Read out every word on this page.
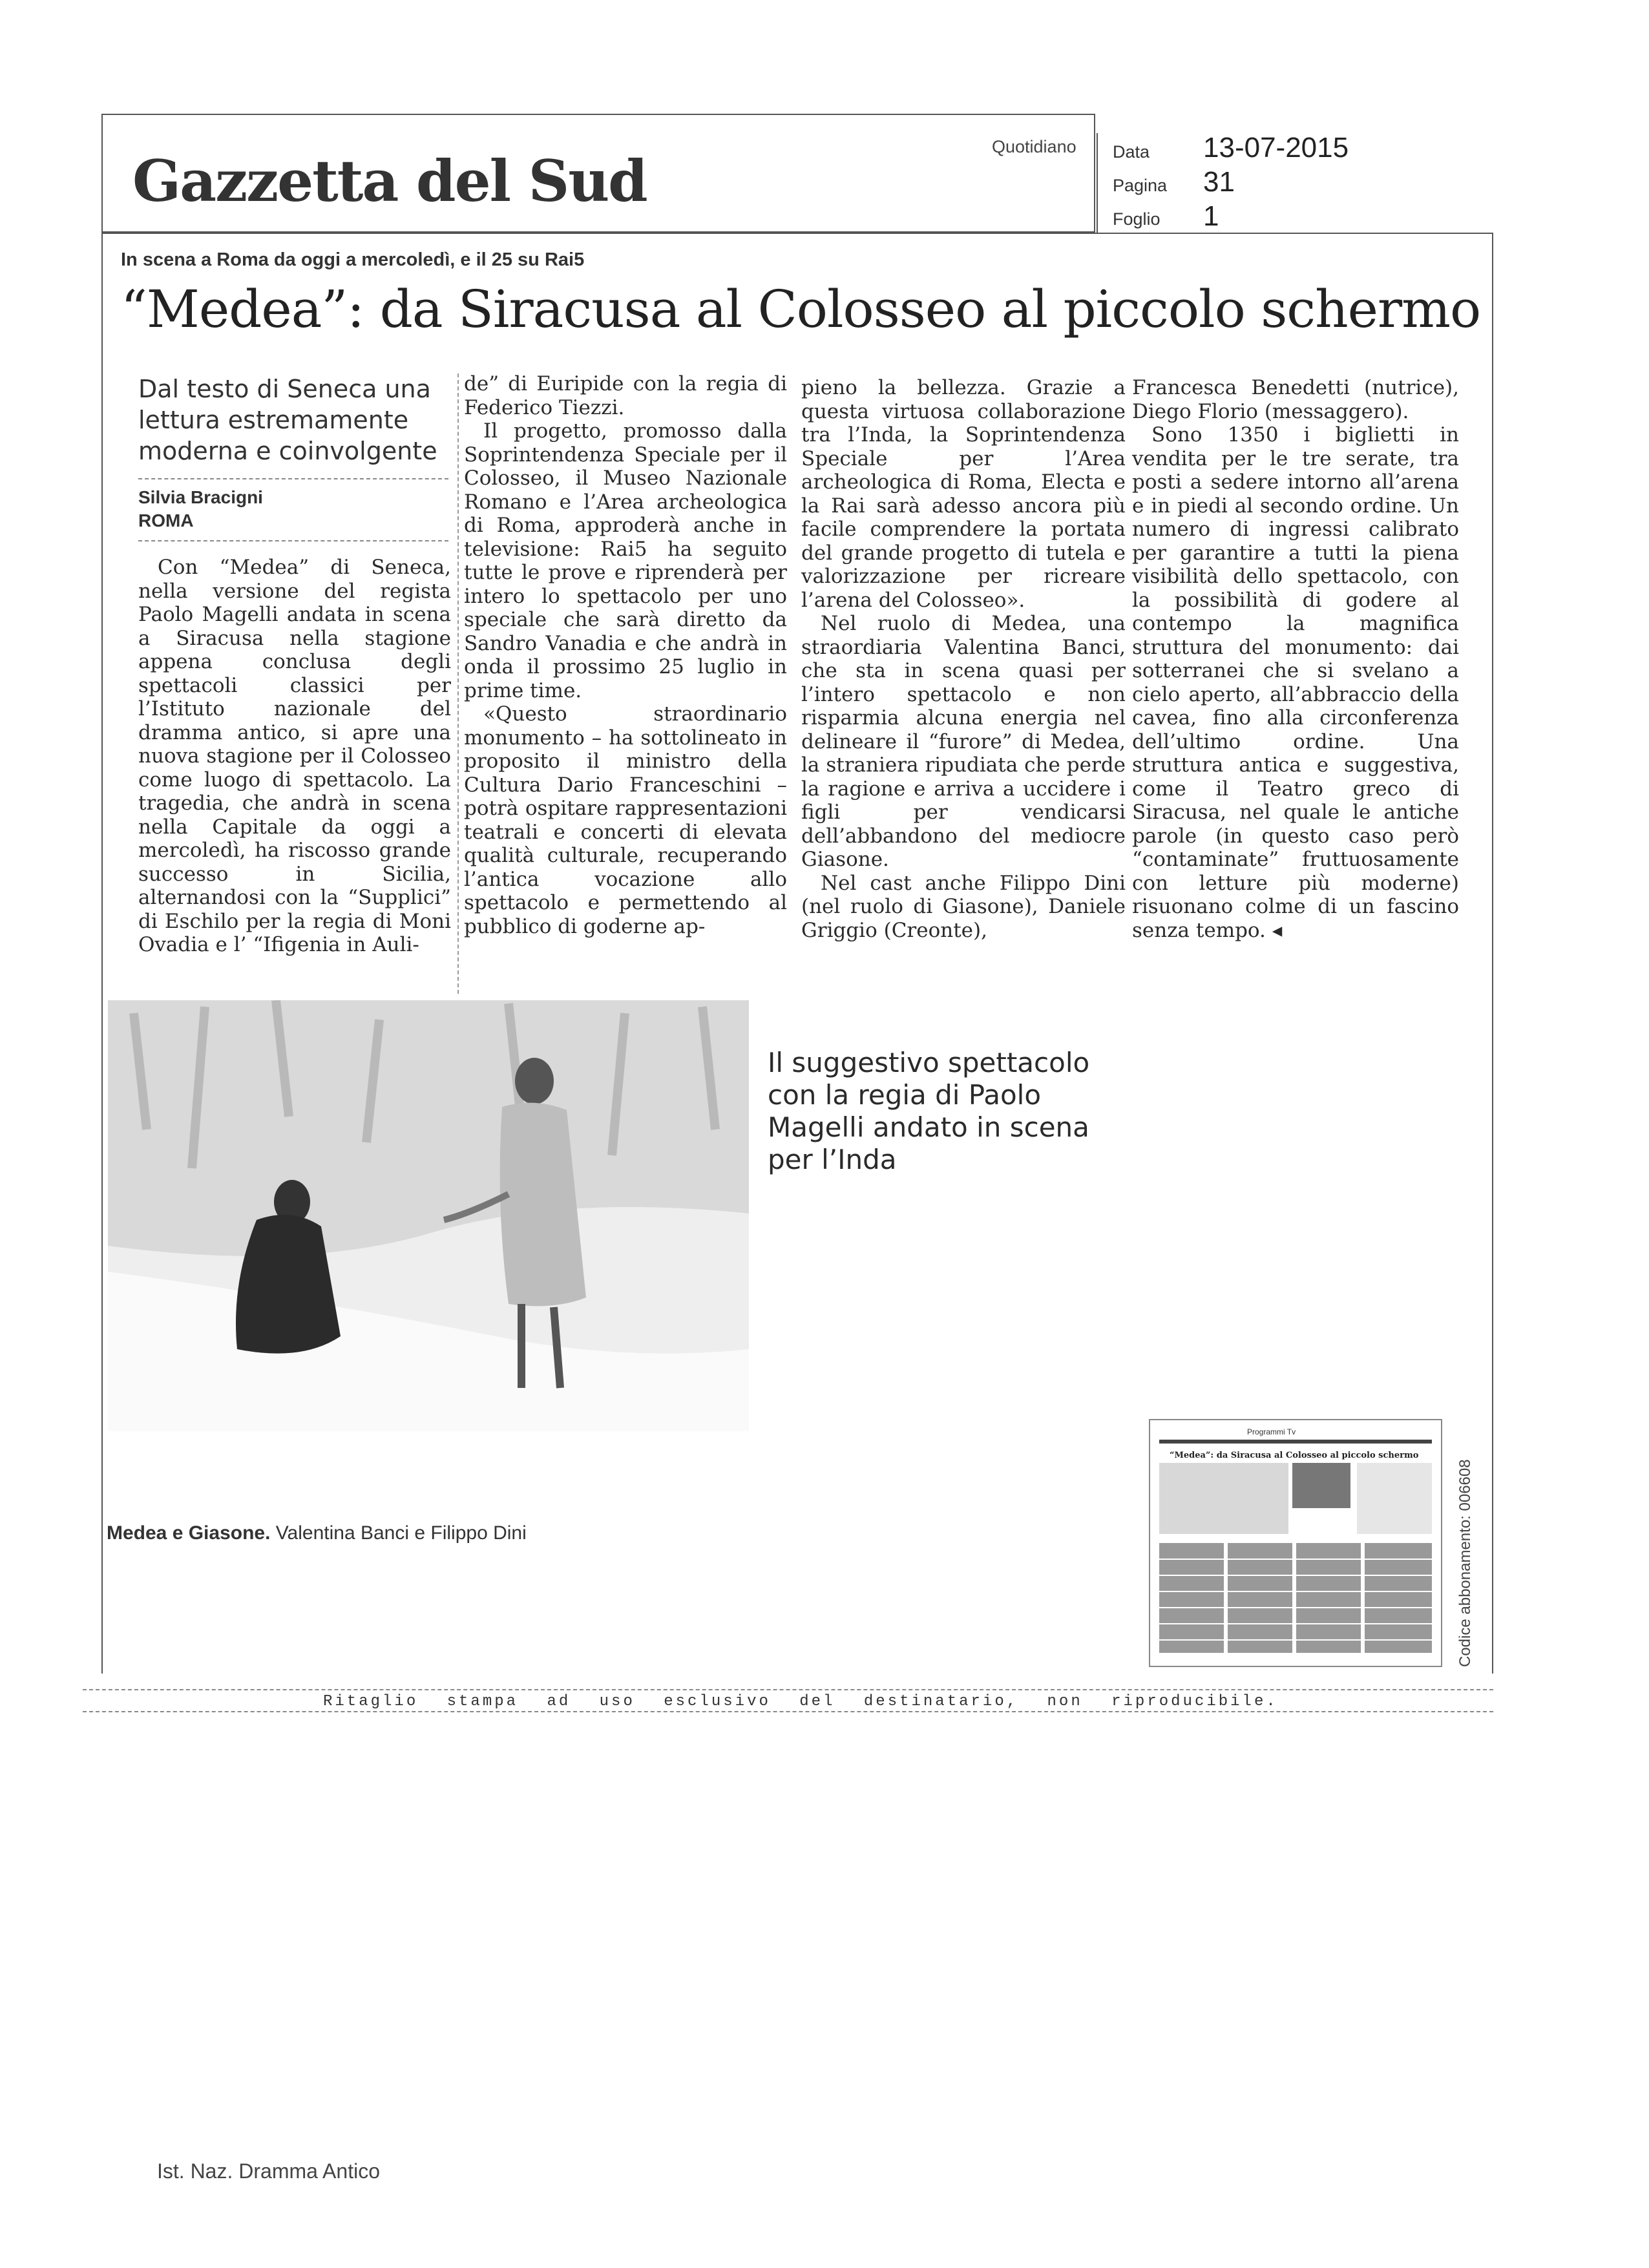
Gazzetta del Sud
Quotidiano Data 13-07-2015
Pagina 31
Foglio 1
In scena a Roma da oggi a mercoledì, e il 25 su Rai5
“Medea”: da Siracusa al Colosseo al piccolo schermo
Dal testo di Seneca una lettura estremamente moderna e coinvolgente
Silvia Bracigni
ROMA

Con “Medea” di Seneca, nella versione del regista Paolo Magelli andata in scena a Siracusa nella stagione appena conclusa degli spettacoli classici per l’Istituto nazionale del dramma antico, si apre una nuova stagione per il Colosseo come luogo di spettacolo. La tragedia, che andrà in scena nella Capitale da oggi a mercoledì, ha riscosso grande successo in Sicilia, alternandosi con la “Supplici” di Eschilo per la regia di Moni Ovadia e l’ “Ifigenia in Auli-

de” di Euripide con la regia di Federico Tiezzi.

Il progetto, promosso dalla Soprintendenza Speciale per il Colosseo, il Museo Nazionale Romano e l’Area archeologica di Roma, approderà anche in televisione: Rai5 ha seguito tutte le prove e riprenderà per intero lo spettacolo per uno speciale che sarà diretto da Sandro Vanadia e che andrà in onda il prossimo 25 luglio in prime time.

«Questo straordinario monumento – ha sottolineato in proposito il ministro della Cultura Dario Franceschini – potrà ospitare rappresentazioni teatrali e concerti di elevata qualità culturale, recuperando l’antica vocazione allo spettacolo e permettendo al pubblico di goderne ap-

pieno la bellezza. Grazie a questa virtuosa collaborazione tra l’Inda, la Soprintendenza Speciale per l’Area archeologica di Roma, Electa e la Rai sarà adesso ancora più facile comprendere la portata del grande progetto di tutela e valorizzazione per ricreare l’arena del Colosseo».

Nel ruolo di Medea, una straordiaria Valentina Banci, che sta in scena quasi per l’intero spettacolo e non risparmia alcuna energia nel delineare il “furore” di Medea, la straniera ripudiata che perde la ragione e arriva a uccidere i figli per vendicarsi dell’abbandono del mediocre Giasone.

Nel cast anche Filippo Dini (nel ruolo di Giasone), Daniele Griggio (Creonte),

Francesca Benedetti (nutrice), Diego Florio (messaggero).

Sono 1350 i biglietti in vendita per le tre serate, tra posti a sedere intorno all’arena e in piedi al secondo ordine. Un numero di ingressi calibrato per garantire a tutti la piena visibilità dello spettacolo, con la possibilità di godere al contempo la magnifica struttura del monumento: dai sotterranei che si svelano a cielo aperto, all’abbraccio della cavea, fino alla circonferenza dell’ultimo ordine. Una struttura antica e suggestiva, come il Teatro greco di Siracusa, nel quale le antiche parole (in questo caso però “contaminate” fruttuosamente con letture più moderne) risuonano colme di un fascino senza tempo. ◂

Medea e Giasone. Valentina Banci e Filippo Dini
Il suggestivo spettacolo con la regia di Paolo Magelli andato in scena per l’Inda
Programmi Tv
“Medea”: da Siracusa al Colosseo al piccolo schermo
Codice abbonamento: 006608
Ritaglio stampa ad uso esclusivo del destinatario, non riproducibile.
Ist. Naz. Dramma Antico
